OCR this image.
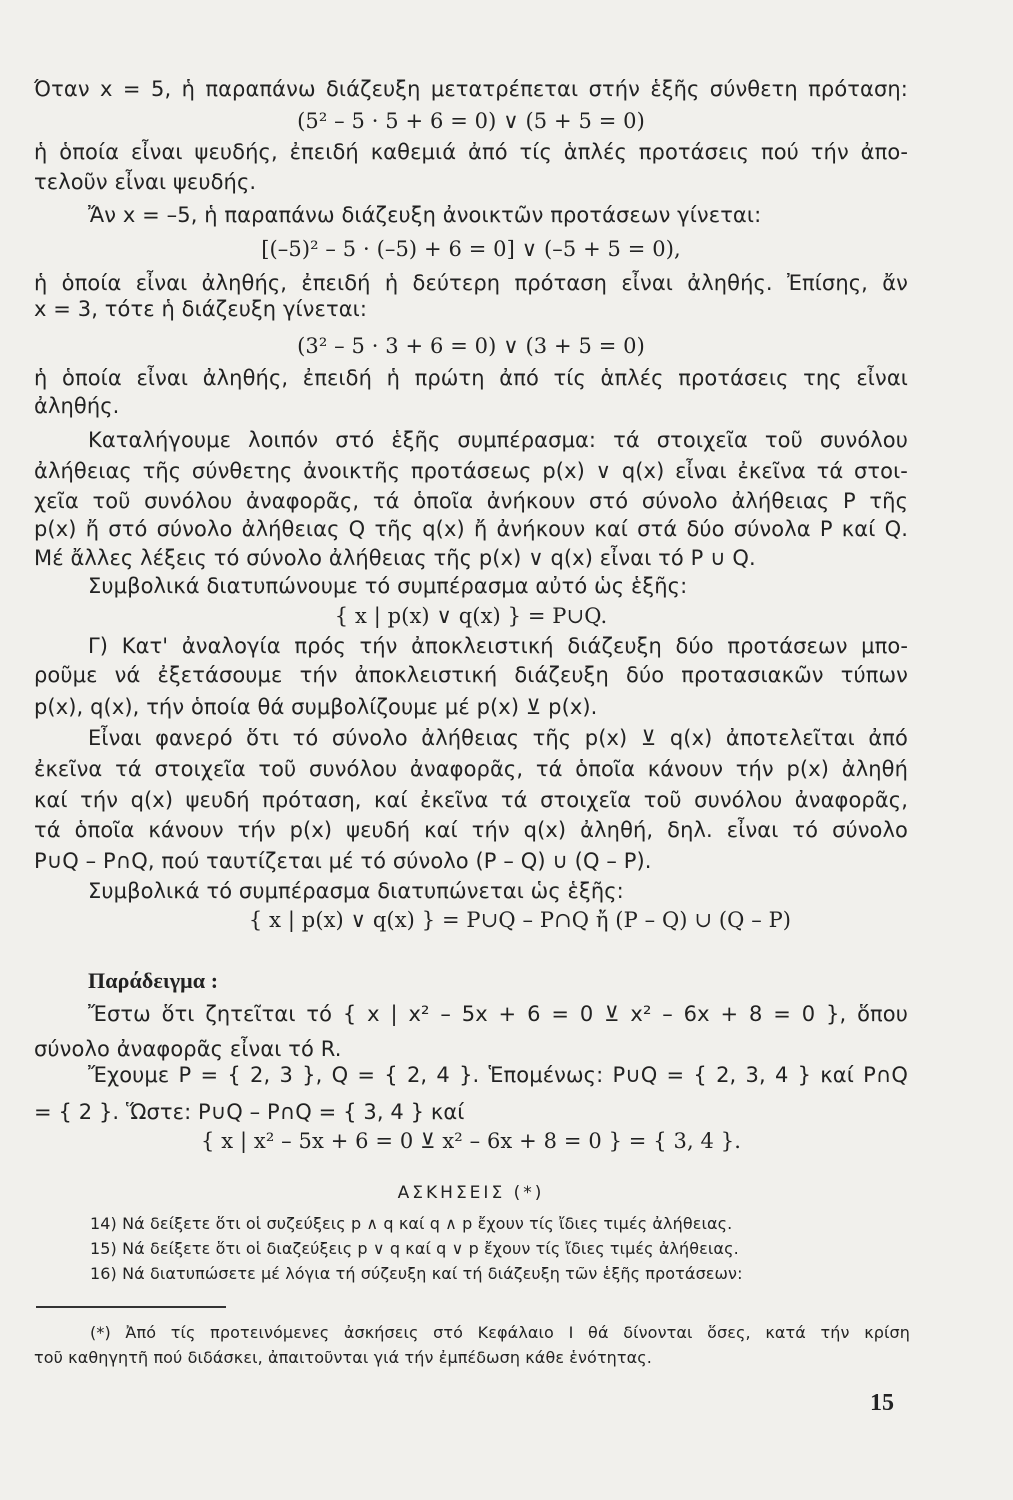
Όταν x = 5, ἡ παραπάνω διάζευξη μετατρέπεται στήν ἑξῆς σύνθετη πρόταση:
(5² – 5 · 5 + 6 = 0) ∨ (5 + 5 = 0)
ἡ ὁποία εἶναι ψευδής, ἐπειδή καθεμιά ἀπό τίς ἁπλές προτάσεις πού τήν ἀπο-
τελοῦν εἶναι ψευδής.
Ἄν x = –5, ἡ παραπάνω διάζευξη ἀνοικτῶν προτάσεων γίνεται:
[(–5)² – 5 · (–5) + 6 = 0] ∨ (–5 + 5 = 0),
ἡ ὁποία εἶναι ἀληθής, ἐπειδή ἡ δεύτερη πρόταση εἶναι ἀληθής. Ἐπίσης, ἄν
x = 3, τότε ἡ διάζευξη γίνεται:
(3² – 5 · 3 + 6 = 0) ∨ (3 + 5 = 0)
ἡ ὁποία εἶναι ἀληθής, ἐπειδή ἡ πρώτη ἀπό τίς ἁπλές προτάσεις της εἶναι
ἀληθής.
Καταλήγουμε λοιπόν στό ἑξῆς συμπέρασμα: τά στοιχεῖα τοῦ συνόλου
ἀλήθειας τῆς σύνθετης ἀνοικτῆς προτάσεως p(x) ∨ q(x) εἶναι ἐκεῖνα τά στοι-
χεῖα τοῦ συνόλου ἀναφορᾶς, τά ὁποῖα ἀνήκουν στό σύνολο ἀλήθειας P τῆς
p(x) ἤ στό σύνολο ἀλήθειας Q τῆς q(x) ἤ ἀνήκουν καί στά δύο σύνολα P καί Q.
Μέ ἄλλες λέξεις τό σύνολο ἀλήθειας τῆς p(x) ∨ q(x) εἶναι τό P ∪ Q.
Συμβολικά διατυπώνουμε τό συμπέρασμα αὐτό ὡς ἑξῆς:
{ x | p(x) ∨ q(x) } = P∪Q.
Γ) Κατ' ἀναλογία πρός τήν ἀποκλειστική διάζευξη δύο προτάσεων μπο-
ροῦμε νά ἐξετάσουμε τήν ἀποκλειστική διάζευξη δύο προτασιακῶν τύπων
p(x), q(x), τήν ὁποία θά συμβολίζουμε μέ p(x) ⊻ p(x).
Εἶναι φανερό ὅτι τό σύνολο ἀλήθειας τῆς p(x) ⊻ q(x) ἀποτελεῖται ἀπό
ἐκεῖνα τά στοιχεῖα τοῦ συνόλου ἀναφορᾶς, τά ὁποῖα κάνουν τήν p(x) ἀληθή
καί τήν q(x) ψευδή πρόταση, καί ἐκεῖνα τά στοιχεῖα τοῦ συνόλου ἀναφορᾶς,
τά ὁποῖα κάνουν τήν p(x) ψευδή καί τήν q(x) ἀληθή, δηλ. εἶναι τό σύνολο
P∪Q – P∩Q, πού ταυτίζεται μέ τό σύνολο (P – Q) ∪ (Q – P).
Συμβολικά τό συμπέρασμα διατυπώνεται ὡς ἑξῆς:
{ x | p(x) ∨ q(x) } = P∪Q – P∩Q ἤ (P – Q) ∪ (Q – P)
Παράδειγμα :
Ἔστω ὅτι ζητεῖται τό { x | x² – 5x + 6 = 0 ⊻ x² – 6x + 8 = 0 }, ὅπου
σύνολο ἀναφορᾶς εἶναι τό R.
Ἔχουμε P = { 2, 3 }, Q = { 2, 4 }. Ἑπομένως: P∪Q = { 2, 3, 4 } καί P∩Q
= { 2 }. Ὥστε: P∪Q – P∩Q = { 3, 4 } καί
{ x | x² – 5x + 6 = 0 ⊻ x² – 6x + 8 = 0 } = { 3, 4 }.
ΑΣΚΗΣΕΙΣ (*)
14) Νά δείξετε ὅτι οἱ συζεύξεις p ∧ q καί q ∧ p ἔχουν τίς ἴδιες τιμές ἀλήθειας.
15) Νά δείξετε ὅτι οἱ διαζεύξεις p ∨ q καί q ∨ p ἔχουν τίς ἴδιες τιμές ἀλήθειας.
16) Νά διατυπώσετε μέ λόγια τή σύζευξη καί τή διάζευξη τῶν ἑξῆς προτάσεων:
(*) Ἀπό τίς προτεινόμενες ἀσκήσεις στό Κεφάλαιο I θά δίνονται ὅσες, κατά τήν κρίση
τοῦ καθηγητῆ πού διδάσκει, ἀπαιτοῦνται γιά τήν ἐμπέδωση κάθε ἑνότητας.
15
